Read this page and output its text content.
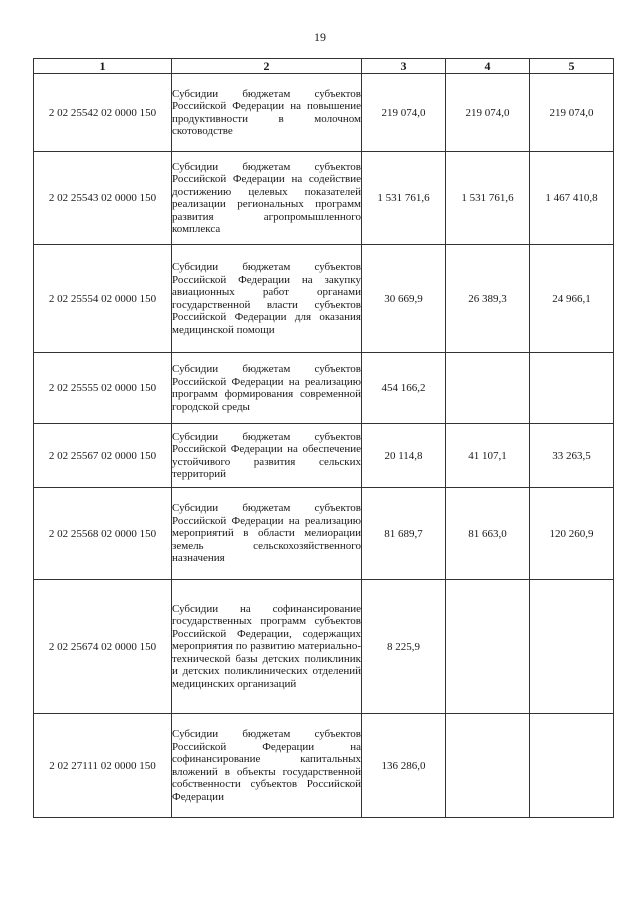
19
1	2	3	4	5
2 02 25542 02 0000 150	Субсидии бюджетам субъектов Российской Федерации на повышение продуктивности в молочном скотоводстве	219 074,0	219 074,0	219 074,0
2 02 25543 02 0000 150	Субсидии бюджетам субъектов Российской Федерации на содействие достижению целевых показателей реализации региональных программ развития агропромышленного комплекса	1 531 761,6	1 531 761,6	1 467 410,8
2 02 25554 02 0000 150	Субсидии бюджетам субъектов Российской Федерации на закупку авиационных работ органами государственной власти субъектов Российской Федерации для оказания медицинской помощи	30 669,9	26 389,3	24 966,1
2 02 25555 02 0000 150	Субсидии бюджетам субъектов Российской Федерации на реализацию программ формирования современной городской среды	454 166,2		
2 02 25567 02 0000 150	Субсидии бюджетам субъектов Российской Федерации на обеспечение устойчивого развития сельских территорий	20 114,8	41 107,1	33 263,5
2 02 25568 02 0000 150	Субсидии бюджетам субъектов Российской Федерации на реализацию мероприятий в области мелиорации земель сельскохозяйственного назначения	81 689,7	81 663,0	120 260,9
2 02 25674 02 0000 150	Субсидии на софинансирование государственных программ субъектов Российской Федерации, содержащих мероприятия по развитию материально-технической базы детских поликлиник и детских поликлинических отделений медицинских организаций	8 225,9		
2 02 27111 02 0000 150	Субсидии бюджетам субъектов Российской Федерации на софинансирование капитальных вложений в объекты государственной собственности субъектов Российской Федерации	136 286,0		
